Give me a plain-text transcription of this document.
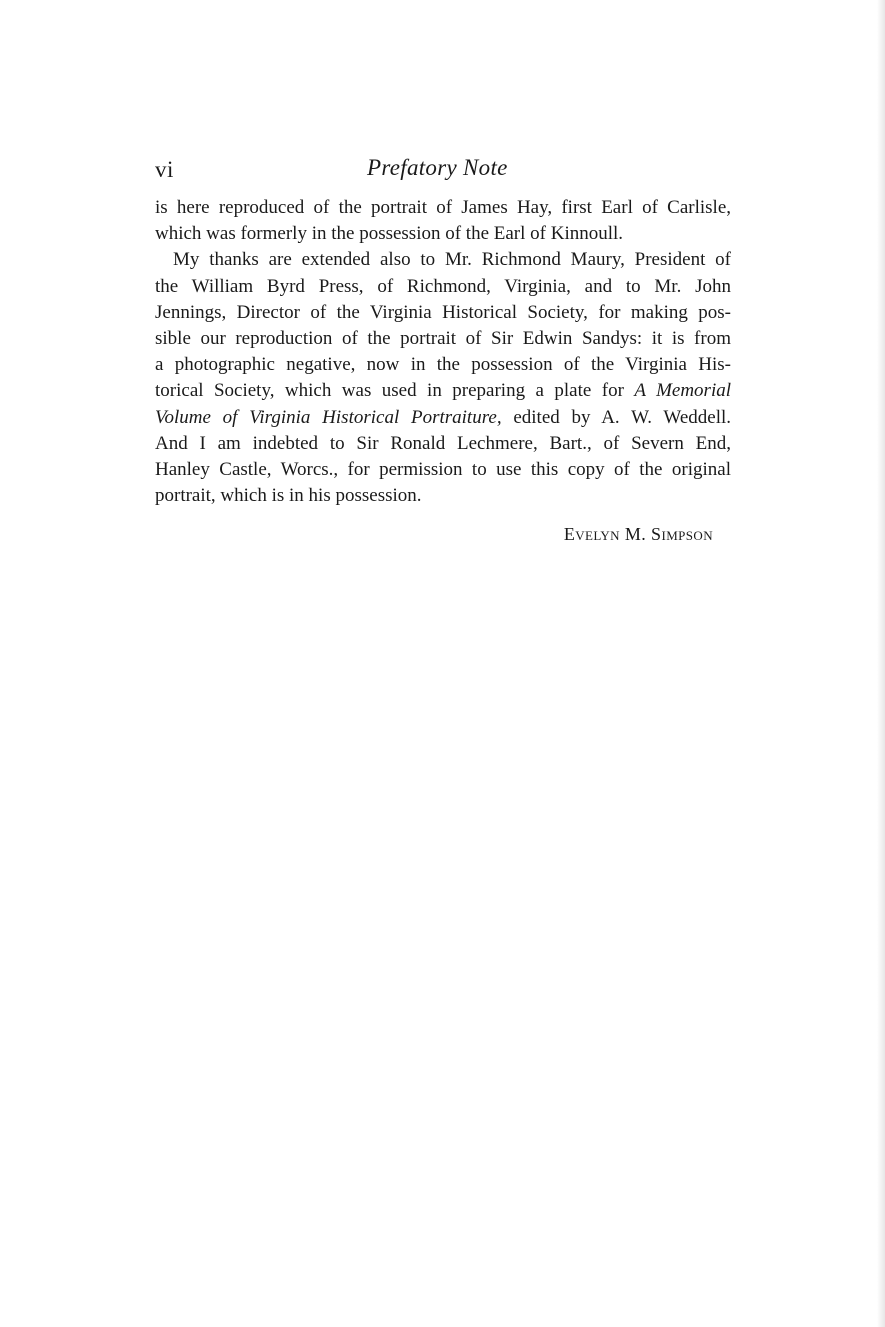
vi	Prefatory Note

is here reproduced of the portrait of James Hay, first Earl of Carlisle,
which was formerly in the possession of the Earl of Kinnoull.

My thanks are extended also to Mr. Richmond Maury, President of
the William Byrd Press, of Richmond, Virginia, and to Mr. John
Jennings, Director of the Virginia Historical Society, for making pos-
sible our reproduction of the portrait of Sir Edwin Sandys: it is from
a photographic negative, now in the possession of the Virginia His-
torical Society, which was used in preparing a plate for A Memorial
Volume of Virginia Historical Portraiture, edited by A. W. Weddell.
And I am indebted to Sir Ronald Lechmere, Bart., of Severn End,
Hanley Castle, Worcs., for permission to use this copy of the original
portrait, which is in his possession.

Evelyn M. Simpson
